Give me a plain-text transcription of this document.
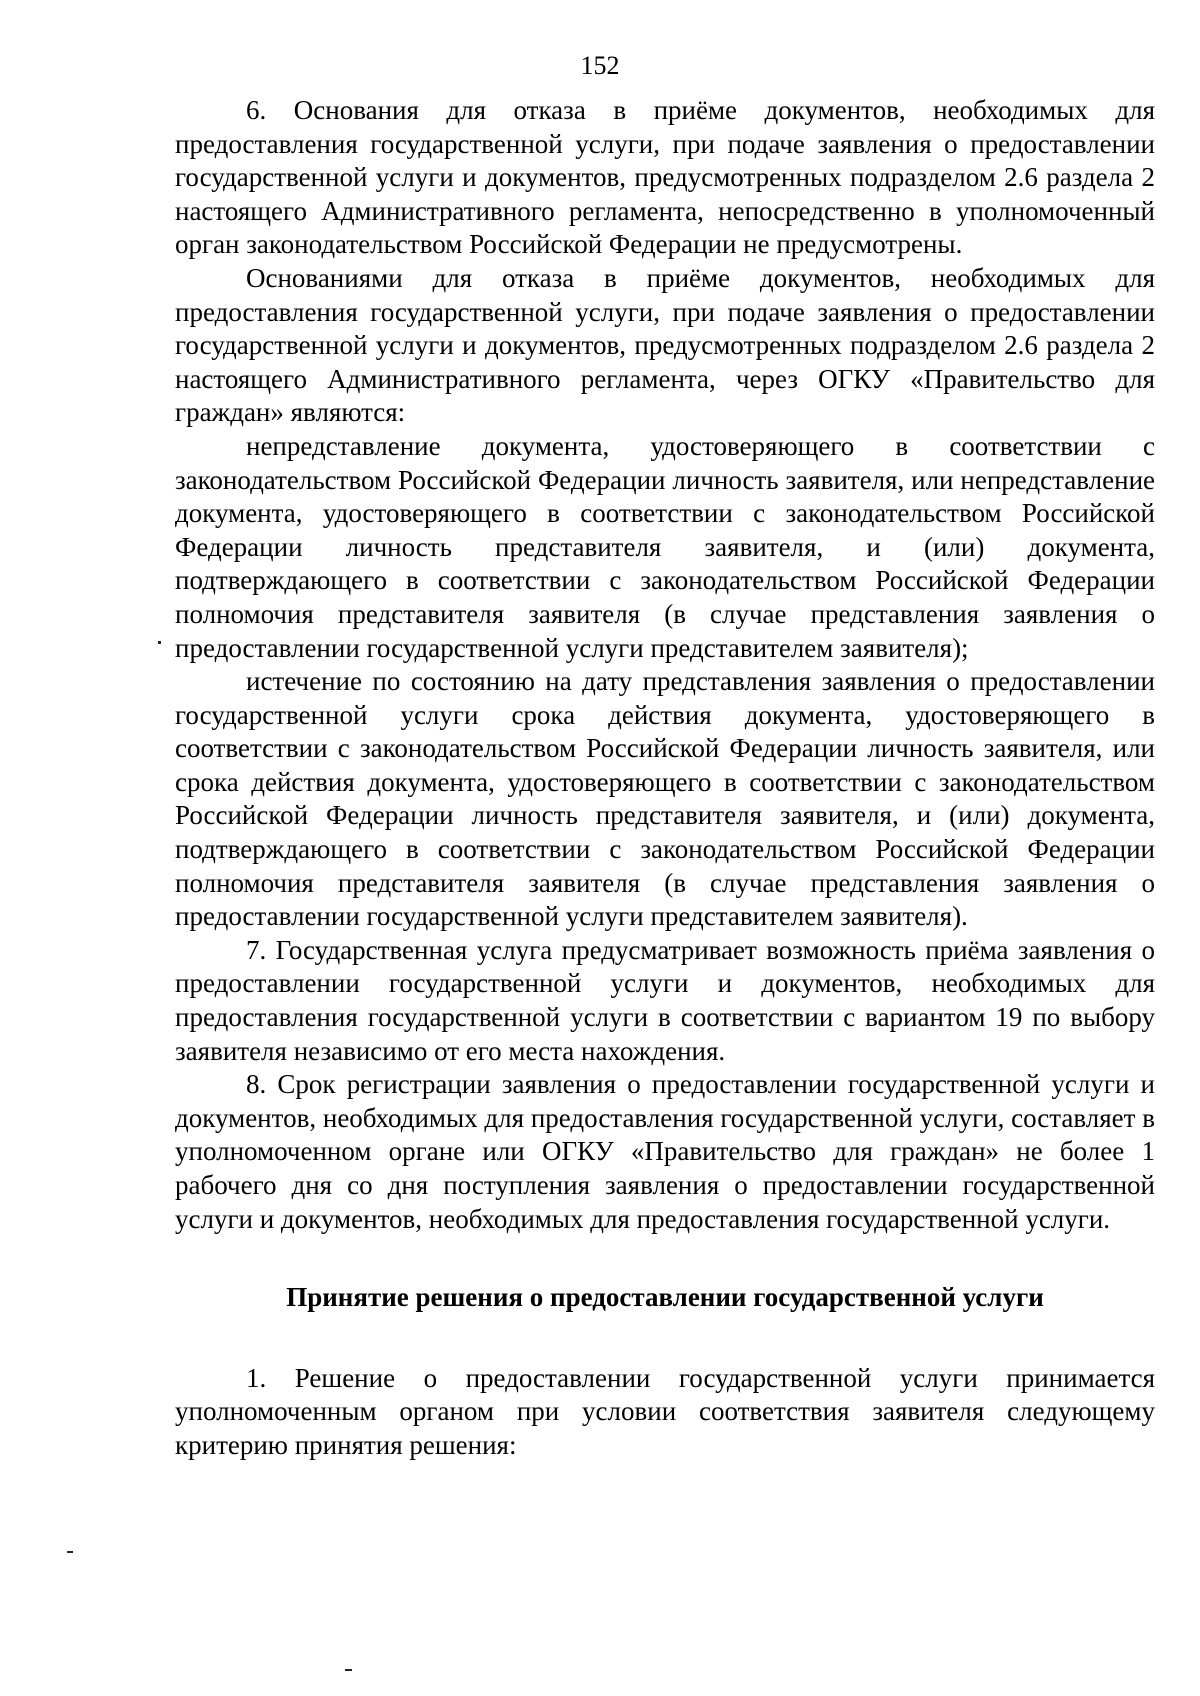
152

6. Основания для отказа в приёме документов, необходимых для предоставления государственной услуги, при подаче заявления о предоставлении государственной услуги и документов, предусмотренных подразделом 2.6 раздела 2 настоящего Административного регламента, непосредственно в уполномоченный орган законодательством Российской Федерации не предусмотрены.

Основаниями для отказа в приёме документов, необходимых для предоставления государственной услуги, при подаче заявления о предоставлении государственной услуги и документов, предусмотренных подразделом 2.6 раздела 2 настоящего Административного регламента, через ОГКУ «Правительство для граждан» являются:

непредставление документа, удостоверяющего в соответствии с законодательством Российской Федерации личность заявителя, или непредставление документа, удостоверяющего в соответствии с законодательством Российской Федерации личность представителя заявителя, и (или) документа, подтверждающего в соответствии с законодательством Российской Федерации полномочия представителя заявителя (в случае представления заявления о предоставлении государственной услуги представителем заявителя);

истечение по состоянию на дату представления заявления о предоставлении государственной услуги срока действия документа, удостоверяющего в соответствии с законодательством Российской Федерации личность заявителя, или срока действия документа, удостоверяющего в соответствии с законодательством Российской Федерации личность представителя заявителя, и (или) документа, подтверждающего в соответствии с законодательством Российской Федерации полномочия представителя заявителя (в случае представления заявления о предоставлении государственной услуги представителем заявителя).

7. Государственная услуга предусматривает возможность приёма заявления о предоставлении государственной услуги и документов, необходимых для предоставления государственной услуги в соответствии с вариантом 19 по выбору заявителя независимо от его места нахождения.

8. Срок регистрации заявления о предоставлении государственной услуги и документов, необходимых для предоставления государственной услуги, составляет в уполномоченном органе или ОГКУ «Правительство для граждан» не более 1 рабочего дня со дня поступления заявления о предоставлении государственной услуги и документов, необходимых для предоставления государственной услуги.

Принятие решения о предоставлении государственной услуги

1. Решение о предоставлении государственной услуги принимается уполномоченным органом при условии соответствия заявителя следующему критерию принятия решения:
